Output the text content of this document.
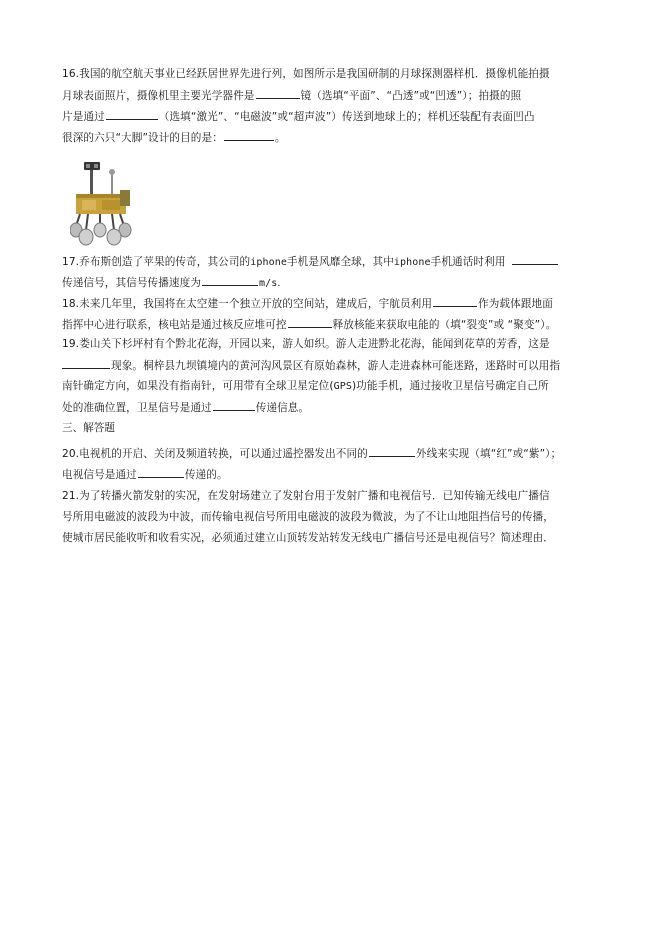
16.我国的航空航天事业已经跃居世界先进行列，如图所示是我国研制的月球探测器样机．摄像机能拍摄
月球表面照片，摄像机里主要光学器件是	镜（选填“平面”、“凸透”或“凹透”）；拍摄的照
片是通过	（选填“激光”、“电磁波”或“超声波”）传送到地球上的；样机还装配有表面凹凸
很深的六只“大脚”设计的目的是：	。
17.乔布斯创造了苹果的传奇，其公司的iphone手机是风靡全球，其中iphone手机通话时利用
传递信号，其信号传播速度为	m/s．
18.未来几年里，我国将在太空建一个独立开放的空间站，建成后，宇航员利用	作为载体跟地面
指挥中心进行联系，核电站是通过核反应堆可控	释放核能来获取电能的（填“裂变”或 “聚变”）。
19.娄山关下杉坪村有个黔北花海，开园以来，游人如织。游人走进黔北花海，能闻到花草的芳香，这是
现象。桐梓县九坝镇境内的黄河沟风景区有原始森林，游人走进森林可能迷路，迷路时可以用指
南针确定方向，如果没有指南针，可用带有全球卫星定位(GPS)功能手机，通过接收卫星信号确定自己所
处的准确位置，卫星信号是通过	传递信息。
三、解答题
20.电视机的开启、关闭及频道转换，可以通过遥控器发出不同的	外线来实现（填“红”或“紫”）；
电视信号是通过	传递的。
21.为了转播火箭发射的实况，在发射场建立了发射台用于发射广播和电视信号．已知传输无线电广播信
号所用电磁波的波段为中波，而传输电视信号所用电磁波的波段为微波，为了不让山地阻挡信号的传播，
使城市居民能收听和收看实况，必须通过建立山顶转发站转发无线电广播信号还是电视信号？简述理由．
